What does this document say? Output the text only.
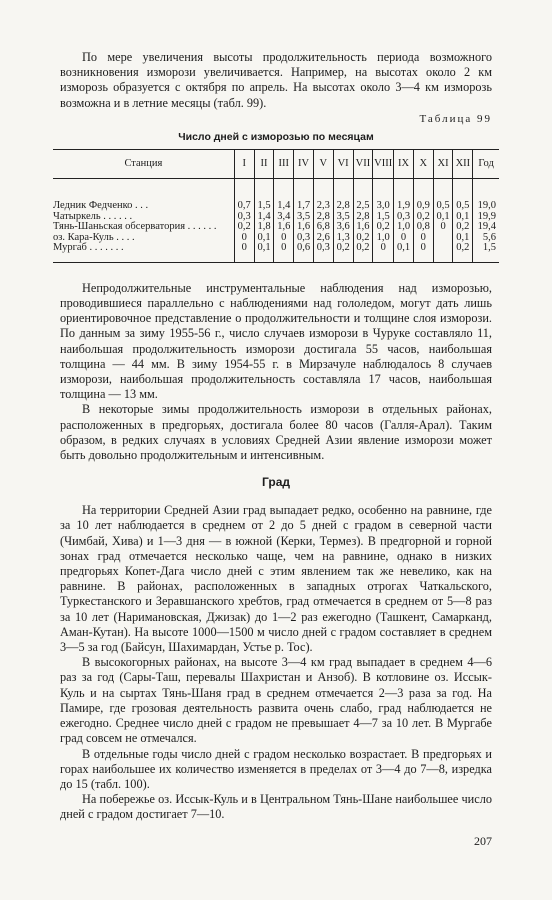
По мере увеличения высоты продолжительность периода возможного возникновения изморози увеличивается. Например, на высотах около 2 км изморозь образуется с октября по апрель. На высотах около 3—4 км изморозь возможна и в летние месяцы (табл. 99).

Таблица 99
Число дней с изморозью по месяцам
Станция	I	II	III	IV	V	VI	VII	VIII	IX	X	XI	XII	Год
Ледник Федченко . . .	0,7	1,5	1,4	1,7	2,3	2,8	2,5	3,0	1,9	0,9	0,5	0,5	19,0
Чатыркель . . . . . .	0,3	1,4	3,4	3,5	2,8	3,5	2,8	1,5	0,3	0,2	0,1	0,1	19,9
Тянь-Шаньская обсерватория . . . . . .	0,2	1,8	1,6	1,6	6,8	3,6	1,6	0,2	1,0	0,8	0	0,2	19,4
оз. Кара-Куль . . . .	0	0,1	0	0,3	2,6	1,3	0,2	1,0	0	0		0,1	5,6
Мургаб . . . . . . .	0	0,1	0	0,6	0,3	0,2	0,2	0	0,1	0		0,2	1,5

Непродолжительные инструментальные наблюдения над изморозью, проводившиеся параллельно с наблюдениями над гололедом, могут дать лишь ориентировочное представление о продолжительности и толщине слоя изморози. По данным за зиму 1955-56 г., число случаев изморози в Чуруке составляло 11, наибольшая продолжительность изморози достигала 55 часов, наибольшая толщина — 44 мм. В зиму 1954-55 г. в Мирзачуле наблюдалось 8 случаев изморози, наибольшая продолжительность составляла 17 часов, наибольшая толщина — 13 мм.

В некоторые зимы продолжительность изморози в отдельных районах, расположенных в предгорьях, достигала более 80 часов (Галля-Арал). Таким образом, в редких случаях в условиях Средней Азии явление изморози может быть довольно продолжительным и интенсивным.

Град

На территории Средней Азии град выпадает редко, особенно на равнине, где за 10 лет наблюдается в среднем от 2 до 5 дней с градом в северной части (Чимбай, Хива) и 1—3 дня — в южной (Керки, Термез). В предгорной и горной зонах град отмечается несколько чаще, чем на равнине, однако в низких предгорьях Копет-Дага число дней с этим явлением так же невелико, как на равнине. В районах, расположенных в западных отрогах Чаткальского, Туркестанского и Зеравшанского хребтов, град отмечается в среднем от 5—8 раз за 10 лет (Наримановская, Джизак) до 1—2 раз ежегодно (Ташкент, Самарканд, Аман-Кутан). На высоте 1000—1500 м число дней с градом составляет в среднем 3—5 за год (Байсун, Шахимардан, Устье р. Тос).

В высокогорных районах, на высоте 3—4 км град выпадает в среднем 4—6 раз за год (Сары-Таш, перевалы Шахристан и Анзоб). В котловине оз. Иссык-Куль и на сыртах Тянь-Шаня град в среднем отмечается 2—3 раза за год. На Памире, где грозовая деятельность развита очень слабо, град наблюдается не ежегодно. Среднее число дней с градом не превышает 4—7 за 10 лет. В Мургабе град совсем не отмечался.

В отдельные годы число дней с градом несколько возрастает. В предгорьях и горах наибольшее их количество изменяется в пределах от 3—4 до 7—8, изредка до 15 (табл. 100).

На побережье оз. Иссык-Куль и в Центральном Тянь-Шане наибольшее число дней с градом достигает 7—10.

207
